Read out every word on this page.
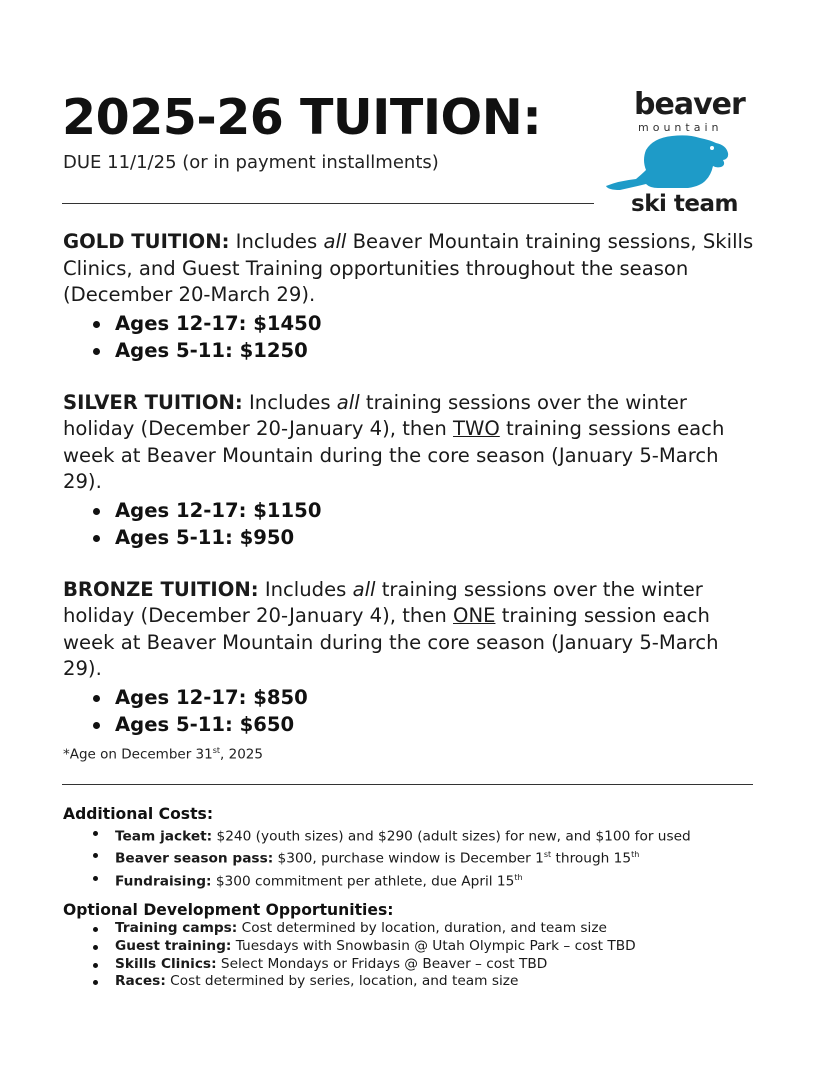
2025-26 TUITION:
DUE 11/1/25 (or in payment installments)
beaver
mountain
ski team

GOLD TUITION: Includes all Beaver Mountain training sessions, Skills Clinics, and Guest Training opportunities throughout the season (December 20-March 29).

Ages 12-17: $1450
Ages 5-11: $1250

SILVER TUITION: Includes all training sessions over the winter holiday (December 20-January 4), then TWO training sessions each week at Beaver Mountain during the core season (January 5-March 29).

Ages 12-17: $1150
Ages 5-11: $950

BRONZE TUITION: Includes all training sessions over the winter holiday (December 20-January 4), then ONE training session each week at Beaver Mountain during the core season (January 5-March 29).

Ages 12-17: $850
Ages 5-11: $650
*Age on December 31st, 2025
Additional Costs:
Team jacket: $240 (youth sizes) and $290 (adult sizes) for new, and $100 for used
Beaver season pass: $300, purchase window is December 1st through 15th
Fundraising: $300 commitment per athlete, due April 15th
Optional Development Opportunities:
Training camps: Cost determined by location, duration, and team size
Guest training: Tuesdays with Snowbasin @ Utah Olympic Park – cost TBD
Skills Clinics: Select Mondays or Fridays @ Beaver – cost TBD
Races: Cost determined by series, location, and team size
